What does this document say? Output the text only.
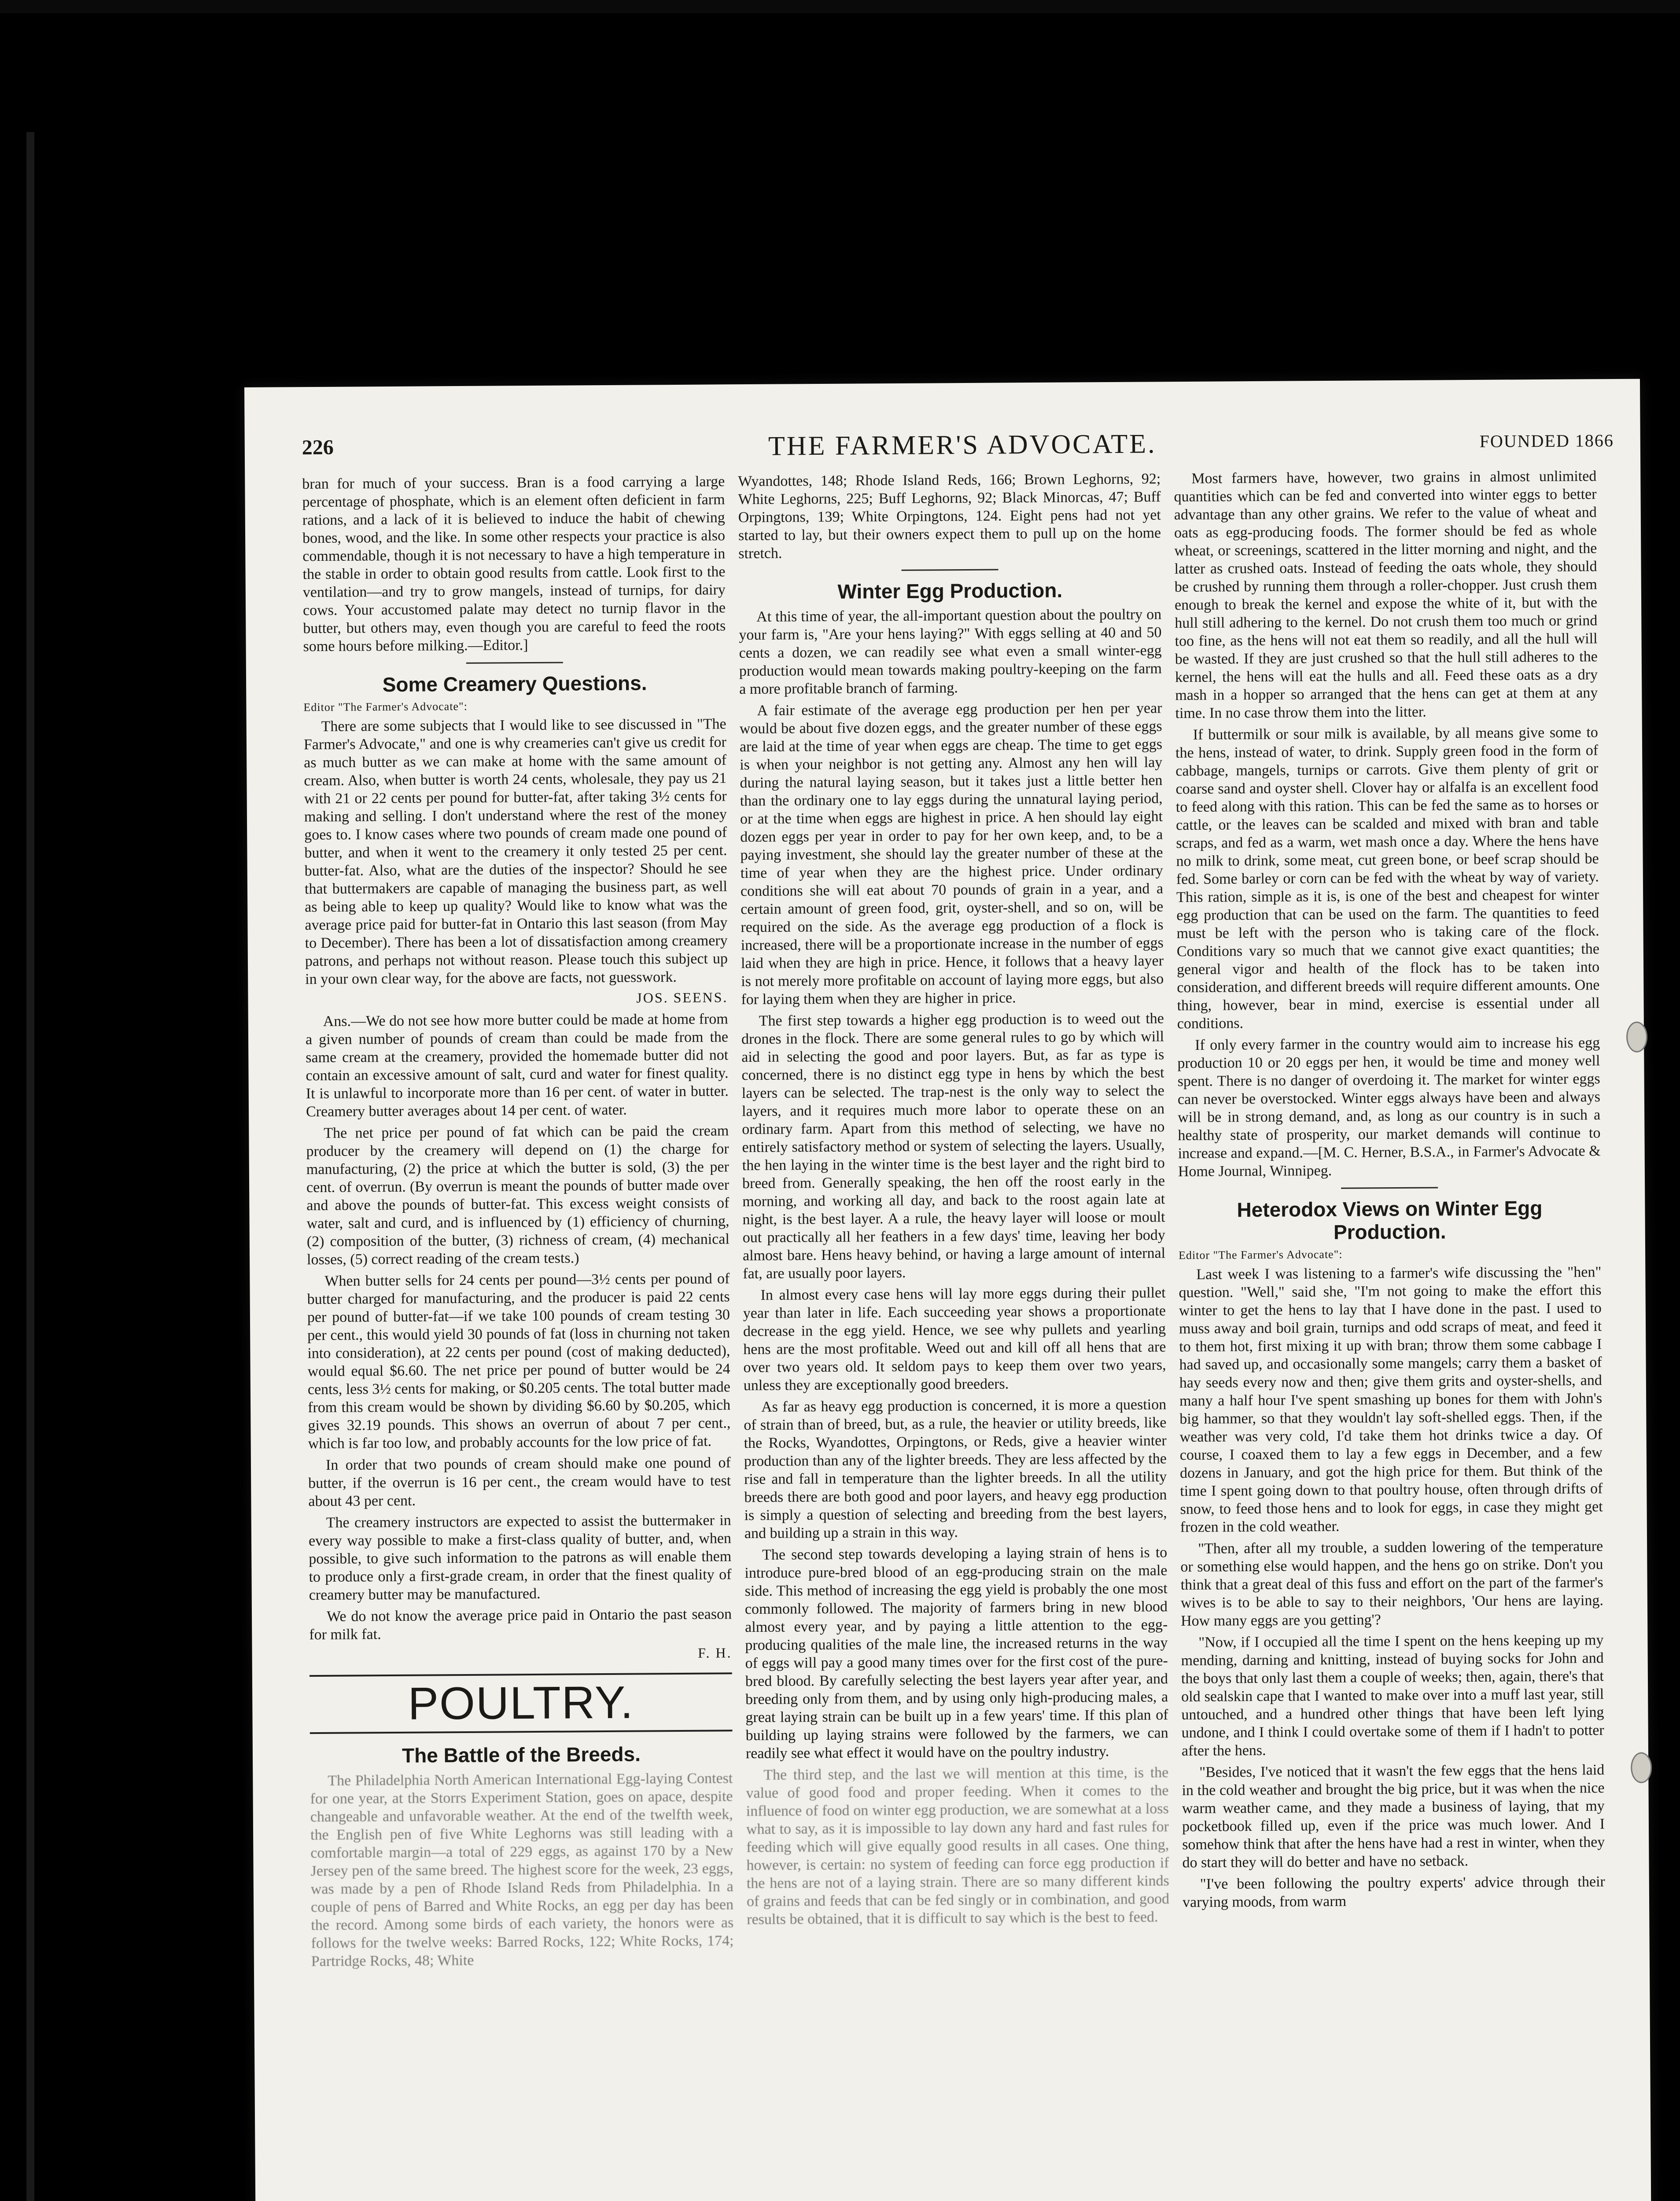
226	THE FARMER'S ADVOCATE.	FOUNDED 1866

bran for much of your success. Bran is a food carrying a large percentage of phosphate, which is an element often deficient in farm rations, and a lack of it is believed to induce the habit of chewing bones, wood, and the like. In some other respects your practice is also commendable, though it is not necessary to have a high temperature in the stable in order to obtain good results from cattle. Look first to the ventilation—and try to grow mangels, instead of turnips, for dairy cows. Your accustomed palate may detect no turnip flavor in the butter, but others may, even though you are careful to feed the roots some hours before milking.—Editor.]

Some Creamery Questions.
Editor "The Farmer's Advocate":

There are some subjects that I would like to see discussed in "The Farmer's Advocate," and one is why creameries can't give us credit for as much butter as we can make at home with the same amount of cream. Also, when butter is worth 24 cents, wholesale, they pay us 21 with 21 or 22 cents per pound for butter-fat, after taking 3½ cents for making and selling. I don't understand where the rest of the money goes to. I know cases where two pounds of cream made one pound of butter, and when it went to the creamery it only tested 25 per cent. butter-fat. Also, what are the duties of the inspector? Should he see that buttermakers are capable of managing the business part, as well as being able to keep up quality? Would like to know what was the average price paid for butter-fat in Ontario this last season (from May to December). There has been a lot of dissatisfaction among creamery patrons, and perhaps not without reason. Please touch this subject up in your own clear way, for the above are facts, not guesswork.

JOS. SEENS.

Ans.—We do not see how more butter could be made at home from a given number of pounds of cream than could be made from the same cream at the creamery, provided the homemade butter did not contain an excessive amount of salt, curd and water for finest quality. It is unlawful to incorporate more than 16 per cent. of water in butter. Creamery butter averages about 14 per cent. of water.

The net price per pound of fat which can be paid the cream producer by the creamery will depend on (1) the charge for manufacturing, (2) the price at which the butter is sold, (3) the per cent. of overrun. (By overrun is meant the pounds of butter made over and above the pounds of butter-fat. This excess weight consists of water, salt and curd, and is influenced by (1) efficiency of churning, (2) composition of the butter, (3) richness of cream, (4) mechanical losses, (5) correct reading of the cream tests.)

When butter sells for 24 cents per pound—3½ cents per pound of butter charged for manufacturing, and the producer is paid 22 cents per pound of butter-fat—if we take 100 pounds of cream testing 30 per cent., this would yield 30 pounds of fat (loss in churning not taken into consideration), at 22 cents per pound (cost of making deducted), would equal $6.60. The net price per pound of butter would be 24 cents, less 3½ cents for making, or $0.205 cents. The total butter made from this cream would be shown by dividing $6.60 by $0.205, which gives 32.19 pounds. This shows an overrun of about 7 per cent., which is far too low, and probably accounts for the low price of fat.

In order that two pounds of cream should make one pound of butter, if the overrun is 16 per cent., the cream would have to test about 43 per cent.

The creamery instructors are expected to assist the buttermaker in every way possible to make a first-class quality of butter, and, when possible, to give such information to the patrons as will enable them to produce only a first-grade cream, in order that the finest quality of creamery butter may be manufactured.

We do not know the average price paid in Ontario the past season for milk fat.

F. H.
POULTRY.
The Battle of the Breeds.

The Philadelphia North American International Egg-laying Contest for one year, at the Storrs Experiment Station, goes on apace, despite changeable and unfavorable weather. At the end of the twelfth week, the English pen of five White Leghorns was still leading with a comfortable margin—a total of 229 eggs, as against 170 by a New Jersey pen of the same breed. The highest score for the week, 23 eggs, was made by a pen of Rhode Island Reds from Philadelphia. In a couple of pens of Barred and White Rocks, an egg per day has been the record. Among some birds of each variety, the honors were as follows for the twelve weeks: Barred Rocks, 122; White Rocks, 174; Partridge Rocks, 48; White

Wyandottes, 148; Rhode Island Reds, 166; Brown Leghorns, 92; White Leghorns, 225; Buff Leghorns, 92; Black Minorcas, 47; Buff Orpingtons, 139; White Orpingtons, 124. Eight pens had not yet started to lay, but their owners expect them to pull up on the home stretch.

Winter Egg Production.

At this time of year, the all-important question about the poultry on your farm is, "Are your hens laying?" With eggs selling at 40 and 50 cents a dozen, we can readily see what even a small winter-egg production would mean towards making poultry-keeping on the farm a more profitable branch of farming.

A fair estimate of the average egg production per hen per year would be about five dozen eggs, and the greater number of these eggs are laid at the time of year when eggs are cheap. The time to get eggs is when your neighbor is not getting any. Almost any hen will lay during the natural laying season, but it takes just a little better hen than the ordinary one to lay eggs during the unnatural laying period, or at the time when eggs are highest in price. A hen should lay eight dozen eggs per year in order to pay for her own keep, and, to be a paying investment, she should lay the greater number of these at the time of year when they are the highest price. Under ordinary conditions she will eat about 70 pounds of grain in a year, and a certain amount of green food, grit, oyster-shell, and so on, will be required on the side. As the average egg production of a flock is increased, there will be a proportionate increase in the number of eggs laid when they are high in price. Hence, it follows that a heavy layer is not merely more profitable on account of laying more eggs, but also for laying them when they are higher in price.

The first step towards a higher egg production is to weed out the drones in the flock. There are some general rules to go by which will aid in selecting the good and poor layers. But, as far as type is concerned, there is no distinct egg type in hens by which the best layers can be selected. The trap-nest is the only way to select the layers, and it requires much more labor to operate these on an ordinary farm. Apart from this method of selecting, we have no entirely satisfactory method or system of selecting the layers. Usually, the hen laying in the winter time is the best layer and the right bird to breed from. Generally speaking, the hen off the roost early in the morning, and working all day, and back to the roost again late at night, is the best layer. A a rule, the heavy layer will loose or moult out practically all her feathers in a few days' time, leaving her body almost bare. Hens heavy behind, or having a large amount of internal fat, are usually poor layers.

In almost every case hens will lay more eggs during their pullet year than later in life. Each succeeding year shows a proportionate decrease in the egg yield. Hence, we see why pullets and yearling hens are the most profitable. Weed out and kill off all hens that are over two years old. It seldom pays to keep them over two years, unless they are exceptionally good breeders.

As far as heavy egg production is concerned, it is more a question of strain than of breed, but, as a rule, the heavier or utility breeds, like the Rocks, Wyandottes, Orpingtons, or Reds, give a heavier winter production than any of the lighter breeds. They are less affected by the rise and fall in temperature than the lighter breeds. In all the utility breeds there are both good and poor layers, and heavy egg production is simply a question of selecting and breeding from the best layers, and building up a strain in this way.

The second step towards developing a laying strain of hens is to introduce pure-bred blood of an egg-producing strain on the male side. This method of increasing the egg yield is probably the one most commonly followed. The majority of farmers bring in new blood almost every year, and by paying a little attention to the egg-producing qualities of the male line, the increased returns in the way of eggs will pay a good many times over for the first cost of the pure-bred blood. By carefully selecting the best layers year after year, and breeding only from them, and by using only high-producing males, a great laying strain can be built up in a few years' time. If this plan of building up laying strains were followed by the farmers, we can readily see what effect it would have on the poultry industry.

The third step, and the last we will mention at this time, is the value of good food and proper feeding. When it comes to the influence of food on winter egg production, we are somewhat at a loss what to say, as it is impossible to lay down any hard and fast rules for feeding which will give equally good results in all cases. One thing, however, is certain: no system of feeding can force egg production if the hens are not of a laying strain. There are so many different kinds of grains and feeds that can be fed singly or in combination, and good results be obtained, that it is difficult to say which is the best to feed.

Most farmers have, however, two grains in almost unlimited quantities which can be fed and converted into winter eggs to better advantage than any other grains. We refer to the value of wheat and oats as egg-producing foods. The former should be fed as whole wheat, or screenings, scattered in the litter morning and night, and the latter as crushed oats. Instead of feeding the oats whole, they should be crushed by running them through a roller-chopper. Just crush them enough to break the kernel and expose the white of it, but with the hull still adhering to the kernel. Do not crush them too much or grind too fine, as the hens will not eat them so readily, and all the hull will be wasted. If they are just crushed so that the hull still adheres to the kernel, the hens will eat the hulls and all. Feed these oats as a dry mash in a hopper so arranged that the hens can get at them at any time. In no case throw them into the litter.

If buttermilk or sour milk is available, by all means give some to the hens, instead of water, to drink. Supply green food in the form of cabbage, mangels, turnips or carrots. Give them plenty of grit or coarse sand and oyster shell. Clover hay or alfalfa is an excellent food to feed along with this ration. This can be fed the same as to horses or cattle, or the leaves can be scalded and mixed with bran and table scraps, and fed as a warm, wet mash once a day. Where the hens have no milk to drink, some meat, cut green bone, or beef scrap should be fed. Some barley or corn can be fed with the wheat by way of variety. This ration, simple as it is, is one of the best and cheapest for winter egg production that can be used on the farm. The quantities to feed must be left with the person who is taking care of the flock. Conditions vary so much that we cannot give exact quantities; the general vigor and health of the flock has to be taken into consideration, and different breeds will require different amounts. One thing, however, bear in mind, exercise is essential under all conditions.

If only every farmer in the country would aim to increase his egg production 10 or 20 eggs per hen, it would be time and money well spent. There is no danger of overdoing it. The market for winter eggs can never be overstocked. Winter eggs always have been and always will be in strong demand, and, as long as our country is in such a healthy state of prosperity, our market demands will continue to increase and expand.—[M. C. Herner, B.S.A., in Farmer's Advocate & Home Journal, Winnipeg.

Heterodox Views on Winter Egg Production.
Editor "The Farmer's Advocate":

Last week I was listening to a farmer's wife discussing the "hen" question. "Well," said she, "I'm not going to make the effort this winter to get the hens to lay that I have done in the past. I used to muss away and boil grain, turnips and odd scraps of meat, and feed it to them hot, first mixing it up with bran; throw them some cabbage I had saved up, and occasionally some mangels; carry them a basket of hay seeds every now and then; give them grits and oyster-shells, and many a half hour I've spent smashing up bones for them with John's big hammer, so that they wouldn't lay soft-shelled eggs. Then, if the weather was very cold, I'd take them hot drinks twice a day. Of course, I coaxed them to lay a few eggs in December, and a few dozens in January, and got the high price for them. But think of the time I spent going down to that poultry house, often through drifts of snow, to feed those hens and to look for eggs, in case they might get frozen in the cold weather.

"Then, after all my trouble, a sudden lowering of the temperature or something else would happen, and the hens go on strike. Don't you think that a great deal of this fuss and effort on the part of the farmer's wives is to be able to say to their neighbors, 'Our hens are laying. How many eggs are you getting'?

"Now, if I occupied all the time I spent on the hens keeping up my mending, darning and knitting, instead of buying socks for John and the boys that only last them a couple of weeks; then, again, there's that old sealskin cape that I wanted to make over into a muff last year, still untouched, and a hundred other things that have been left lying undone, and I think I could overtake some of them if I hadn't to potter after the hens.

"Besides, I've noticed that it wasn't the few eggs that the hens laid in the cold weather and brought the big price, but it was when the nice warm weather came, and they made a business of laying, that my pocketbook filled up, even if the price was much lower. And I somehow think that after the hens have had a rest in winter, when they do start they will do better and have no setback.

"I've been following the poultry experts' advice through their varying moods, from warm
